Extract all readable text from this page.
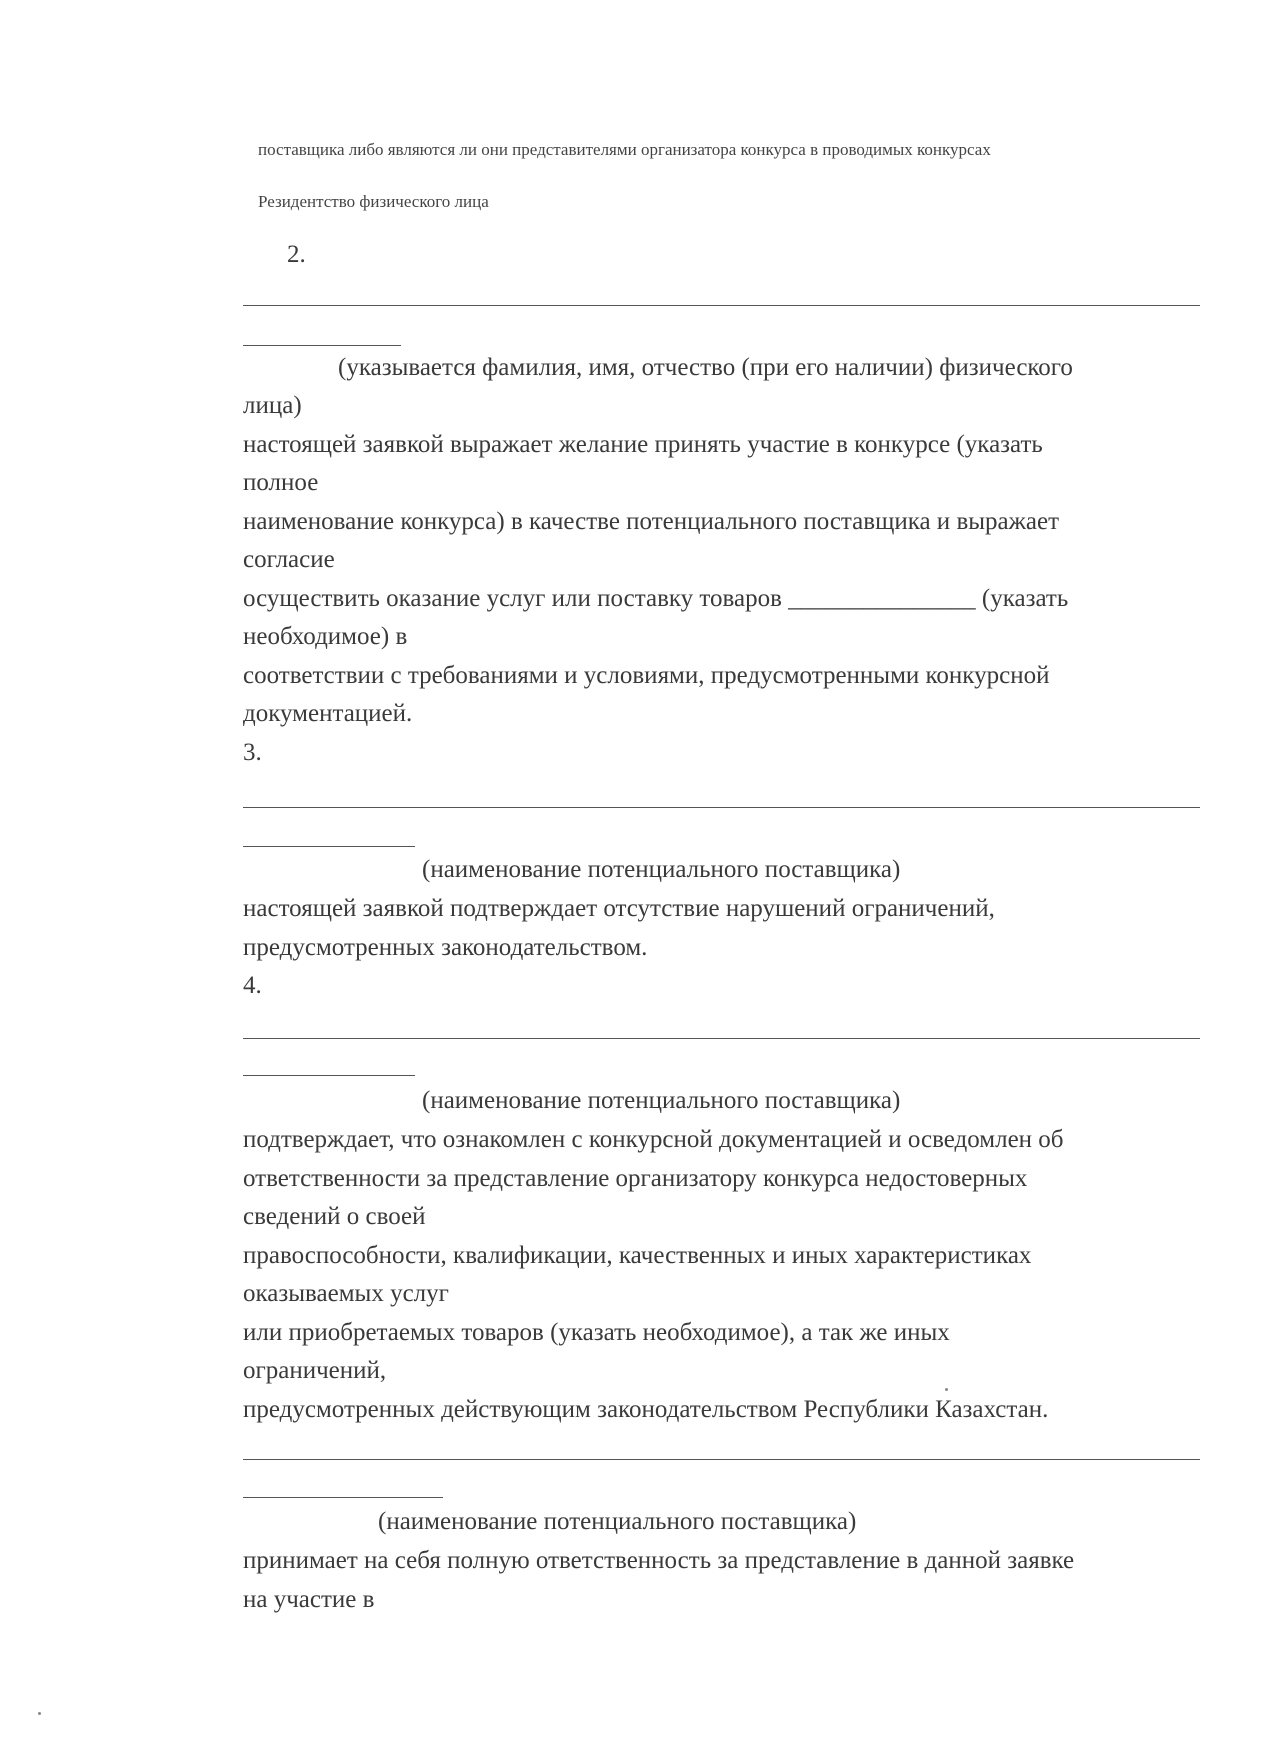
поставщика либо являются ли они представителями организатора конкурса в проводимых конкурсах
Резидентство физического лица
2.
(указывается фамилия, имя, отчество (при его наличии) физического
лица)
настоящей заявкой выражает желание принять участие в конкурсе (указать
полное
наименование конкурса) в качестве потенциального поставщика и выражает
согласие
осуществить оказание услуг или поставку товаров _______________ (указать
необходимое) в
соответствии с требованиями и условиями, предусмотренными конкурсной
документацией.
3.
(наименование потенциального поставщика)
настоящей заявкой подтверждает отсутствие нарушений ограничений,
предусмотренных законодательством.
4.
(наименование потенциального поставщика)
подтверждает, что ознакомлен с конкурсной документацией и осведомлен об
ответственности за представление организатору конкурса недостоверных
сведений о своей
правоспособности, квалификации, качественных и иных характеристиках
оказываемых услуг
или приобретаемых товаров (указать необходимое), а так же иных
ограничений,
предусмотренных действующим законодательством Республики Казахстан.
(наименование потенциального поставщика)
принимает на себя полную ответственность за представление в данной заявке
на участие в
